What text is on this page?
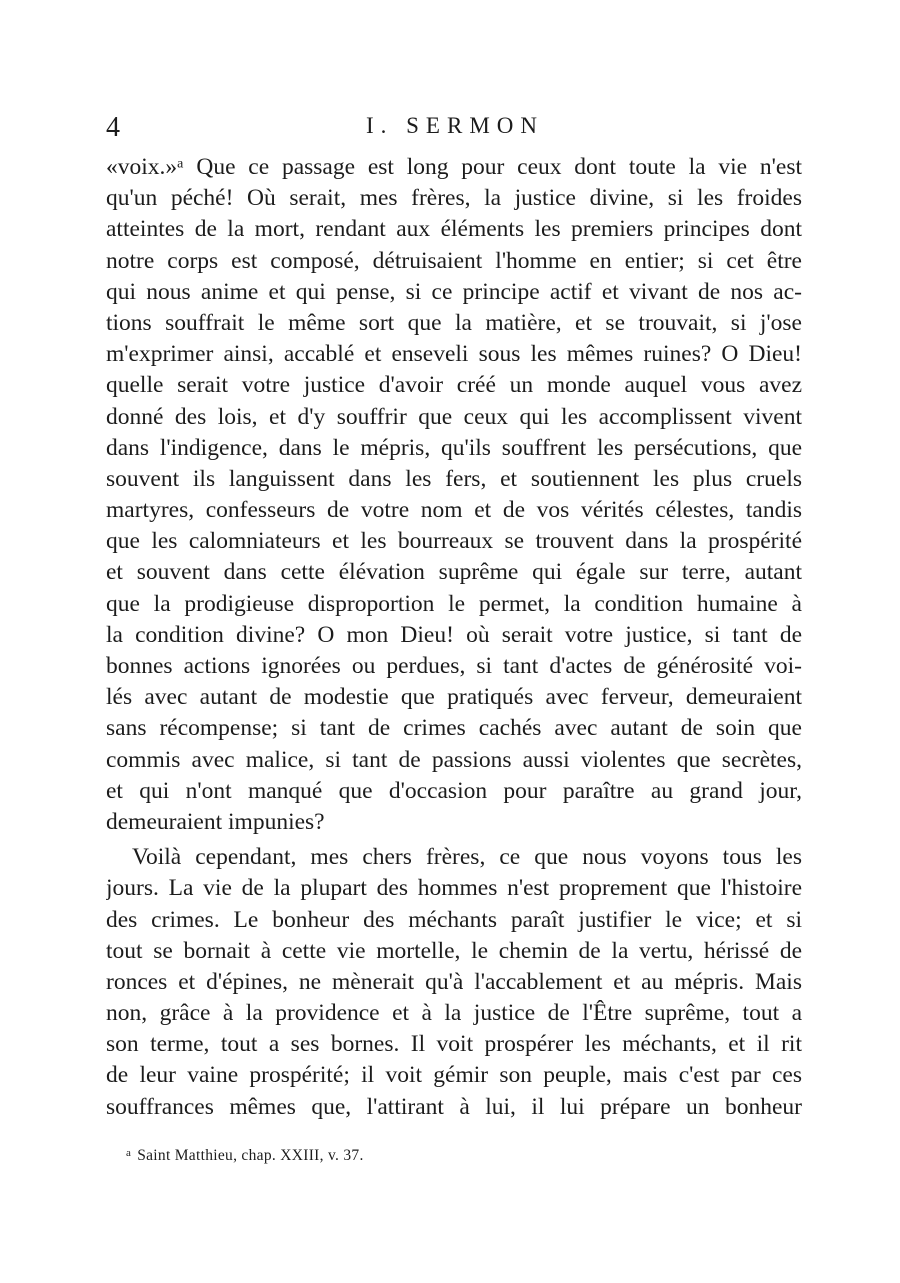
4	I. SERMON
«voix.»ᵃ Que ce passage est long pour ceux dont toute la vie n'est
qu'un péché! Où serait, mes frères, la justice divine, si les froides
atteintes de la mort, rendant aux éléments les premiers principes dont
notre corps est composé, détruisaient l'homme en entier; si cet être
qui nous anime et qui pense, si ce principe actif et vivant de nos ac-
tions souffrait le même sort que la matière, et se trouvait, si j'ose
m'exprimer ainsi, accablé et enseveli sous les mêmes ruines? O Dieu!
quelle serait votre justice d'avoir créé un monde auquel vous avez
donné des lois, et d'y souffrir que ceux qui les accomplissent vivent
dans l'indigence, dans le mépris, qu'ils souffrent les persécutions, que
souvent ils languissent dans les fers, et soutiennent les plus cruels
martyres, confesseurs de votre nom et de vos vérités célestes, tandis
que les calomniateurs et les bourreaux se trouvent dans la prospérité
et souvent dans cette élévation suprême qui égale sur terre, autant
que la prodigieuse disproportion le permet, la condition humaine à
la condition divine? O mon Dieu! où serait votre justice, si tant de
bonnes actions ignorées ou perdues, si tant d'actes de générosité voi-
lés avec autant de modestie que pratiqués avec ferveur, demeuraient
sans récompense; si tant de crimes cachés avec autant de soin que
commis avec malice, si tant de passions aussi violentes que secrètes,
et qui n'ont manqué que d'occasion pour paraître au grand jour,
demeuraient impunies?
Voilà cependant, mes chers frères, ce que nous voyons tous les
jours. La vie de la plupart des hommes n'est proprement que l'histoire
des crimes. Le bonheur des méchants paraît justifier le vice; et si
tout se bornait à cette vie mortelle, le chemin de la vertu, hérissé de
ronces et d'épines, ne mènerait qu'à l'accablement et au mépris. Mais
non, grâce à la providence et à la justice de l'Être suprême, tout a
son terme, tout a ses bornes. Il voit prospérer les méchants, et il rit
de leur vaine prospérité; il voit gémir son peuple, mais c'est par ces
souffrances mêmes que, l'attirant à lui, il lui prépare un bonheur
$^a$ Saint Matthieu, chap. XXIII, v. 37.
